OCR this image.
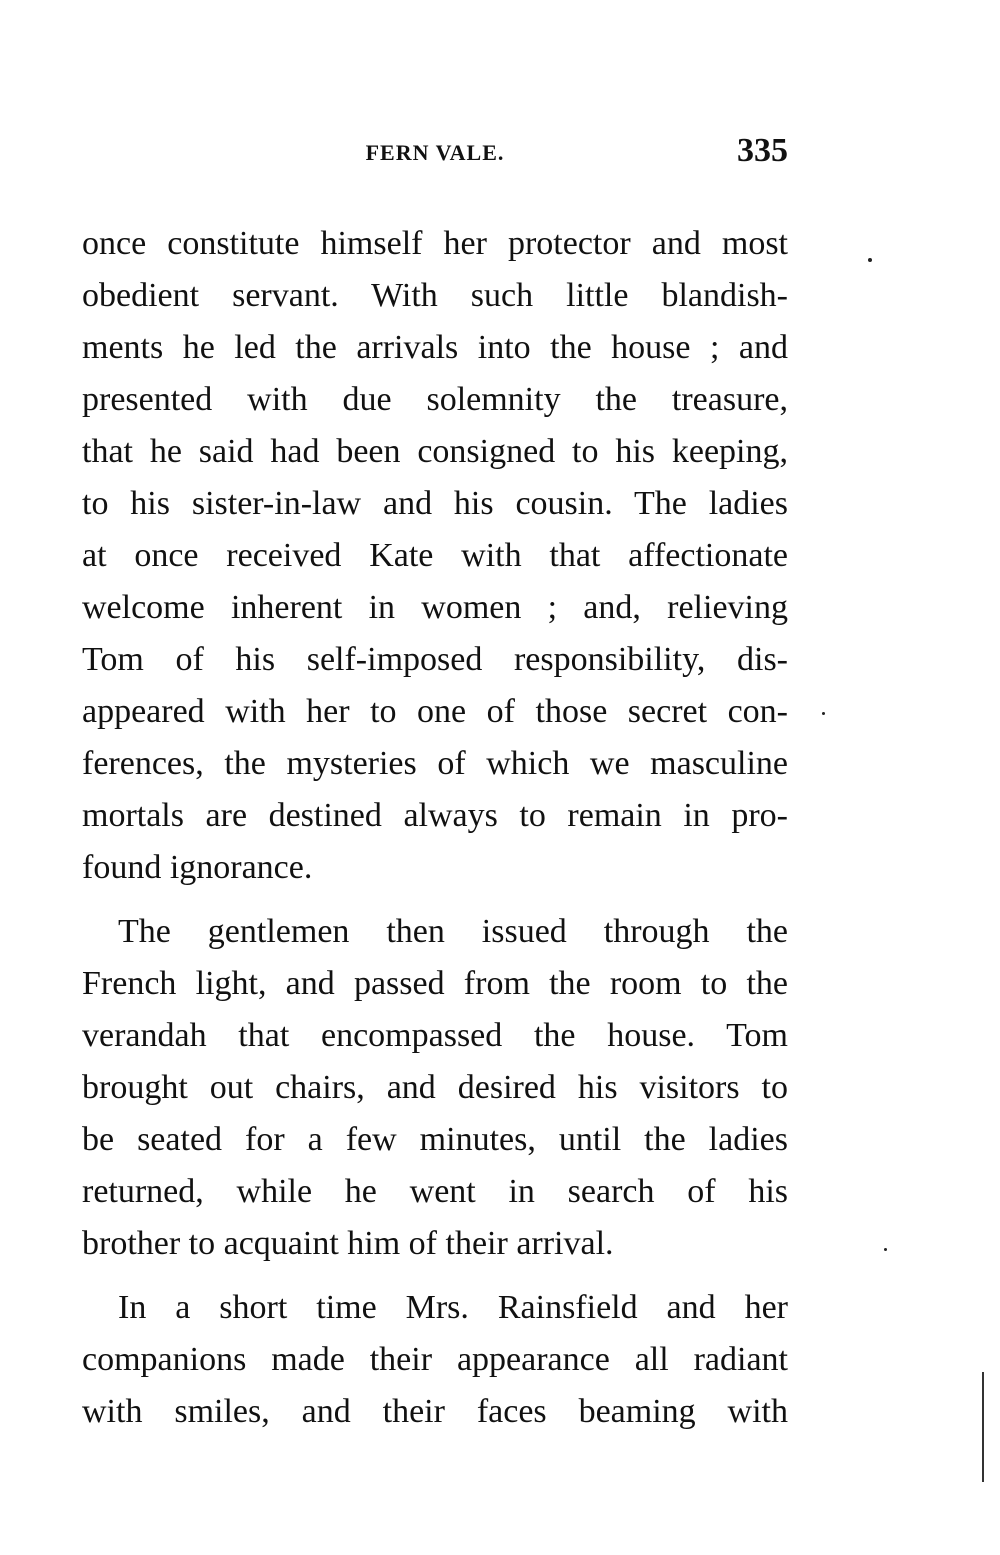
FERN VALE.	335
once constitute himself her protector and most
obedient servant. With such little blandish-
ments he led the arrivals into the house ; and
presented with due solemnity the treasure,
that he said had been consigned to his keeping,
to his sister-in-law and his cousin. The ladies
at once received Kate with that affectionate
welcome inherent in women ; and, relieving
Tom of his self-imposed responsibility, dis-
appeared with her to one of those secret con-
ferences, the mysteries of which we masculine
mortals are destined always to remain in pro-
found ignorance.
The gentlemen then issued through the
French light, and passed from the room to the
verandah that encompassed the house. Tom
brought out chairs, and desired his visitors to
be seated for a few minutes, until the ladies
returned, while he went in search of his
brother to acquaint him of their arrival.
In a short time Mrs. Rainsfield and her
companions made their appearance all radiant
with smiles, and their faces beaming with
